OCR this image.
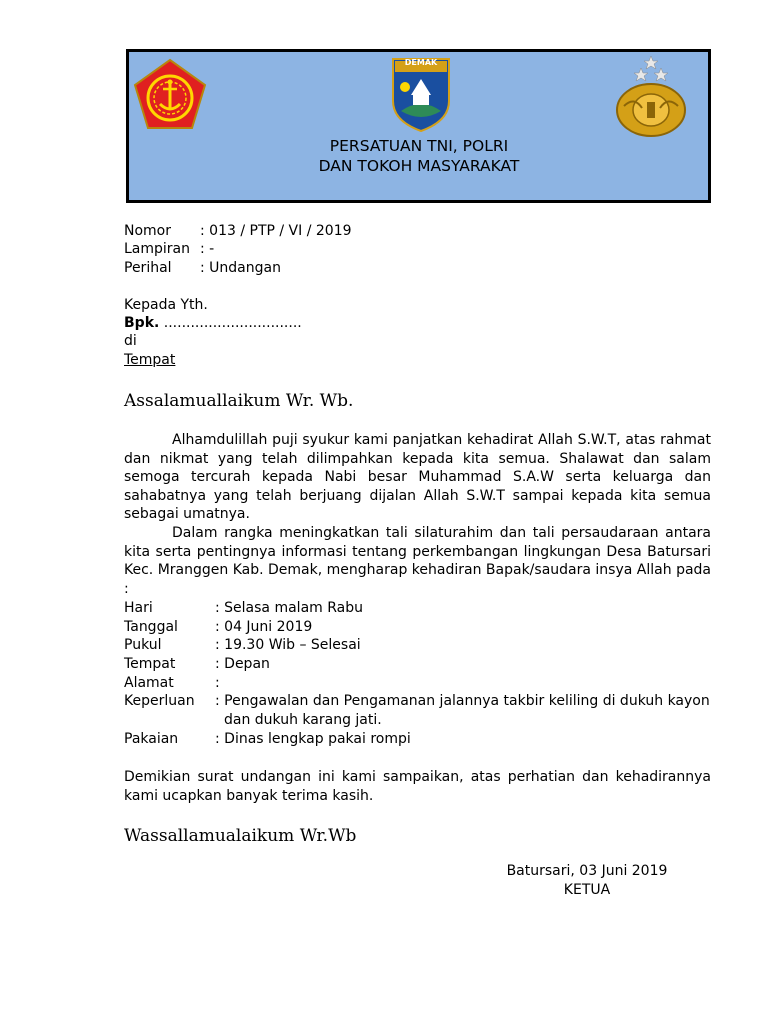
DEMAK
PERSATUAN TNI, POLRI
DAN TOKOH MASYARAKAT
Nomor : 013 / PTP / VI / 2019
Lampiran : -
Perihal : Undangan
Kepada Yth.
Bpk. ...............................
di
Tempat
Assalamuallaikum Wr. Wb.
Alhamdulillah puji syukur kami panjatkan kehadirat Allah S.W.T, atas rahmat dan nikmat yang telah dilimpahkan kepada kita semua. Shalawat dan salam semoga tercurah kepada Nabi besar Muhammad S.A.W serta keluarga dan sahabatnya yang telah berjuang dijalan Allah S.W.T sampai kepada kita semua sebagai umatnya.
Dalam rangka meningkatkan tali silaturahim dan tali persaudaraan antara kita serta pentingnya informasi tentang perkembangan lingkungan Desa Batursari Kec. Mranggen Kab. Demak, mengharap kehadiran Bapak/saudara insya Allah pada :
Hari	: Selasa malam Rabu
Tanggal	: 04 Juni 2019
Pukul	: 19.30 Wib – Selesai
Tempat	: Depan
Alamat	:
Keperluan : Pengawalan dan Pengamanan jalannya takbir keliling di dukuh kayon
dan dukuh karang jati.
Pakaian	: Dinas lengkap pakai rompi
Demikian surat undangan ini kami sampaikan, atas perhatian dan kehadirannya kami ucapkan banyak terima kasih.
Wassallamualaikum Wr.Wb
Batursari, 03 Juni 2019
KETUA
